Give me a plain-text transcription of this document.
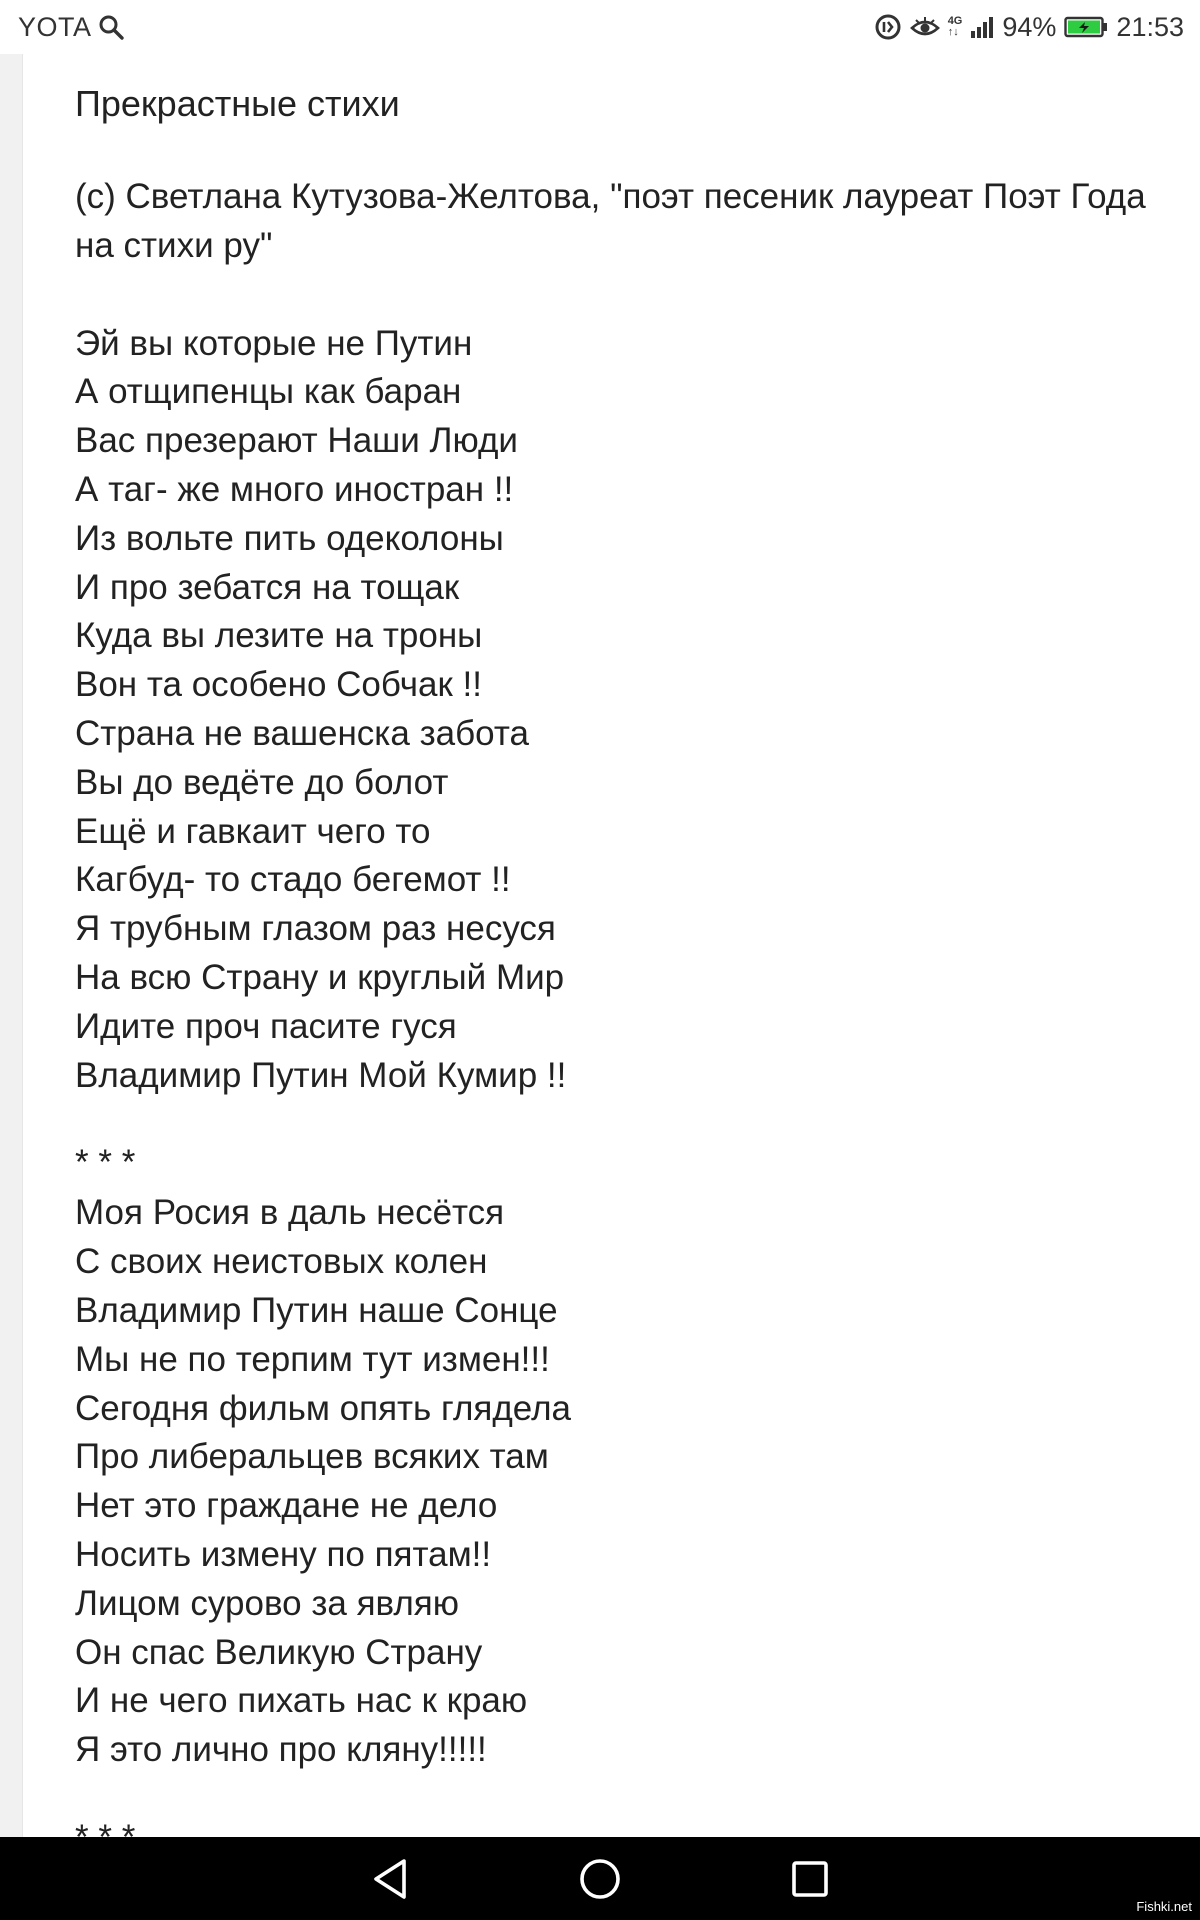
YOTA	4G
↑↓ 94% 21:53
Прекрастные стихи
(с) Светлана Кутузова-Желтова, "поэт песеник лауреат Поэт Года на стихи ру"
Эй вы которые не Путин
А отщипенцы как баран
Вас презерают Наши Люди
А таг- же много иностран !!
Из вольте пить одеколоны
И про зебатся на тощак
Куда вы лезите на троны
Вон та особено Собчак !!
Страна не вашенска забота
Вы до ведёте до болот
Ещё и гавкаит чего то
Кагбуд- то стадо бегемот !!
Я трубным глазом раз несуся
На всю Страну и круглый Мир
Идите проч пасите гуся
Владимир Путин Мой Кумир !!
* * *
Моя Росия в даль несётся
С своих неистовых колен
Владимир Путин наше Сонце
Мы не по терпим тут измен!!!
Сегодня фильм опять глядела
Про либеральцев всяких там
Нет это граждане не дело
Носить измену по пятам!!
Лицом сурово за являю
Он спас Великую Страну
И не чего пихать нас к краю
Я это лично про кляну!!!!!
Fishki.net
